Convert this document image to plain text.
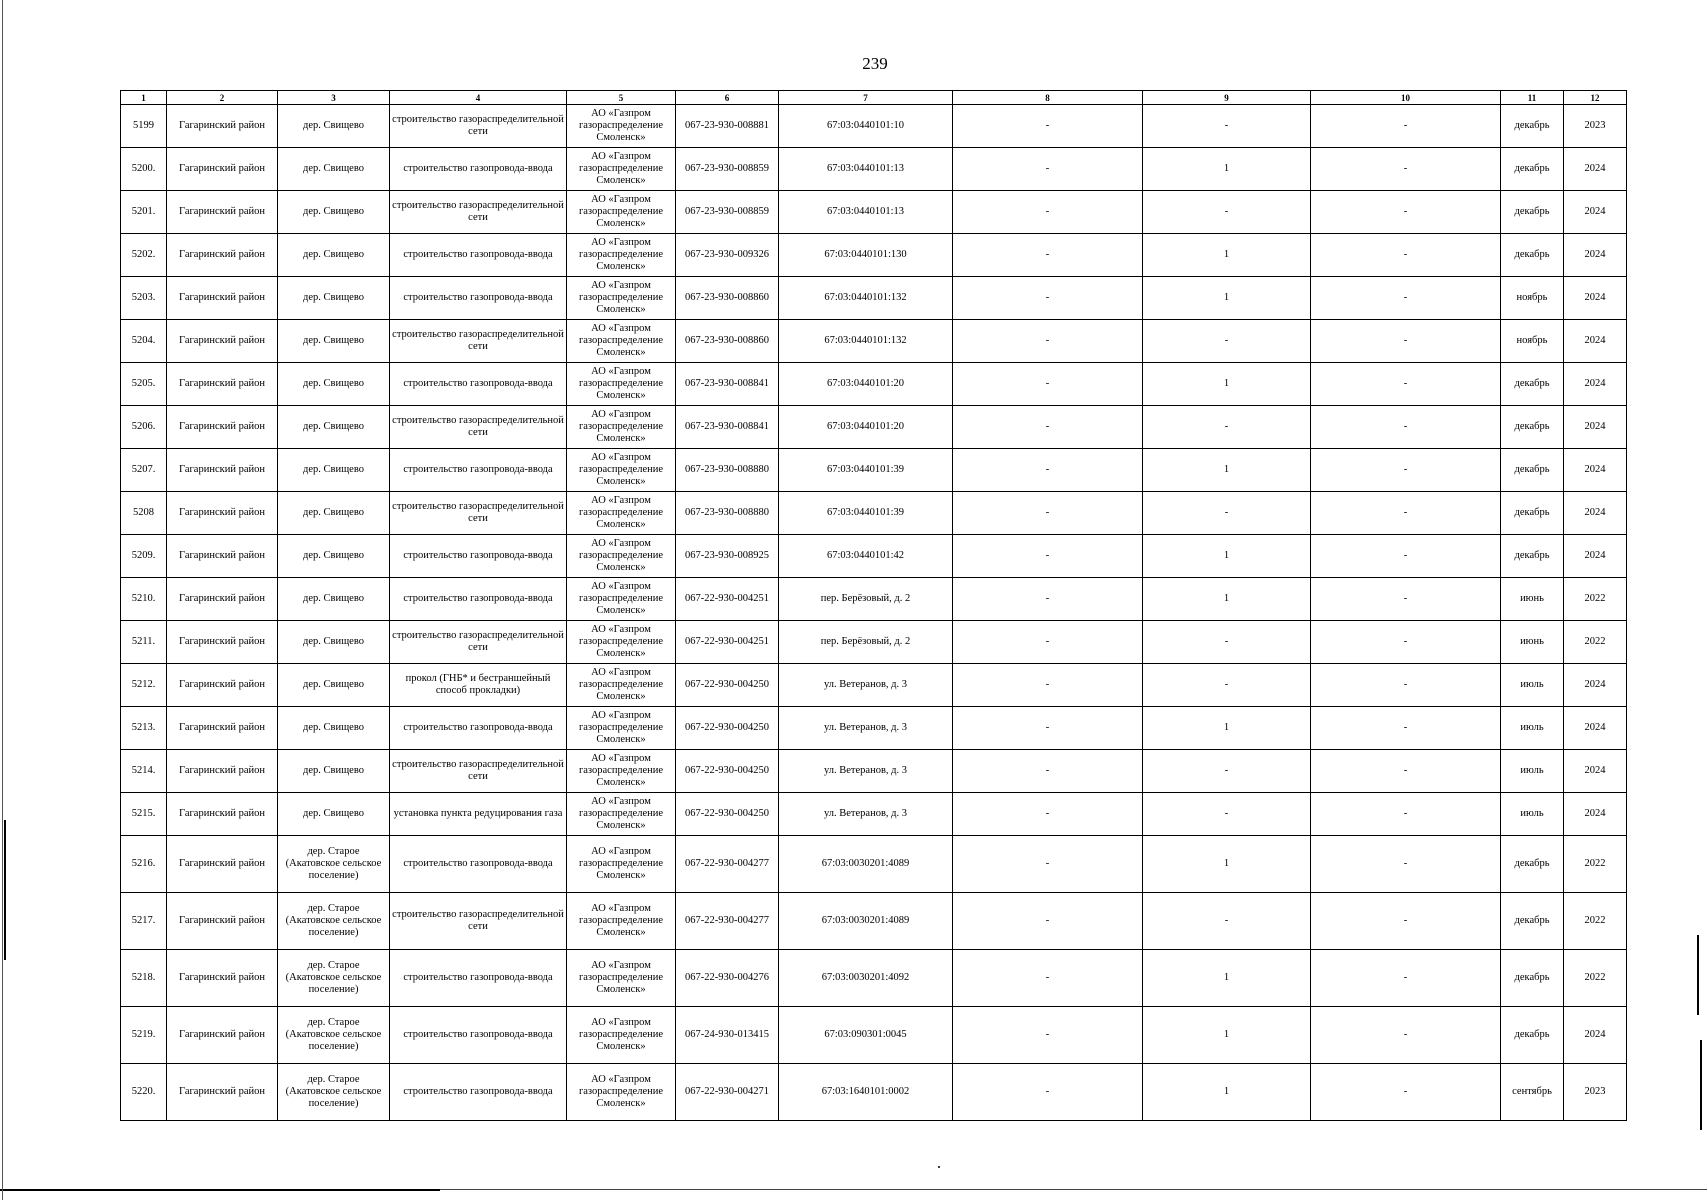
239
1	2	3	4	5	6	7	8	9	10	11	12
5199	Гагаринский район	дер. Свищево	строительство газораспределительной сети	АО «Газпром газораспределение Смоленск»	067-23-930-008881	67:03:0440101:10	-	-	-	декабрь	2023
5200.	Гагаринский район	дер. Свищево	строительство газопровода-ввода	АО «Газпром газораспределение Смоленск»	067-23-930-008859	67:03:0440101:13	-	1	-	декабрь	2024
5201.	Гагаринский район	дер. Свищево	строительство газораспределительной сети	АО «Газпром газораспределение Смоленск»	067-23-930-008859	67:03:0440101:13	-	-	-	декабрь	2024
5202.	Гагаринский район	дер. Свищево	строительство газопровода-ввода	АО «Газпром газораспределение Смоленск»	067-23-930-009326	67:03:0440101:130	-	1	-	декабрь	2024
5203.	Гагаринский район	дер. Свищево	строительство газопровода-ввода	АО «Газпром газораспределение Смоленск»	067-23-930-008860	67:03:0440101:132	-	1	-	ноябрь	2024
5204.	Гагаринский район	дер. Свищево	строительство газораспределительной сети	АО «Газпром газораспределение Смоленск»	067-23-930-008860	67:03:0440101:132	-	-	-	ноябрь	2024
5205.	Гагаринский район	дер. Свищево	строительство газопровода-ввода	АО «Газпром газораспределение Смоленск»	067-23-930-008841	67:03:0440101:20	-	1	-	декабрь	2024
5206.	Гагаринский район	дер. Свищево	строительство газораспределительной сети	АО «Газпром газораспределение Смоленск»	067-23-930-008841	67:03:0440101:20	-	-	-	декабрь	2024
5207.	Гагаринский район	дер. Свищево	строительство газопровода-ввода	АО «Газпром газораспределение Смоленск»	067-23-930-008880	67:03:0440101:39	-	1	-	декабрь	2024
5208	Гагаринский район	дер. Свищево	строительство газораспределительной сети	АО «Газпром газораспределение Смоленск»	067-23-930-008880	67:03:0440101:39	-	-	-	декабрь	2024
5209.	Гагаринский район	дер. Свищево	строительство газопровода-ввода	АО «Газпром газораспределение Смоленск»	067-23-930-008925	67:03:0440101:42	-	1	-	декабрь	2024
5210.	Гагаринский район	дер. Свищево	строительство газопровода-ввода	АО «Газпром газораспределение Смоленск»	067-22-930-004251	пер. Берёзовый, д. 2	-	1	-	июнь	2022
5211.	Гагаринский район	дер. Свищево	строительство газораспределительной сети	АО «Газпром газораспределение Смоленск»	067-22-930-004251	пер. Берёзовый, д. 2	-	-	-	июнь	2022
5212.	Гагаринский район	дер. Свищево	прокол (ГНБ* и бестраншейный способ прокладки)	АО «Газпром газораспределение Смоленск»	067-22-930-004250	ул. Ветеранов, д. 3	-	-	-	июль	2024
5213.	Гагаринский район	дер. Свищево	строительство газопровода-ввода	АО «Газпром газораспределение Смоленск»	067-22-930-004250	ул. Ветеранов, д. 3	-	1	-	июль	2024
5214.	Гагаринский район	дер. Свищево	строительство газораспределительной сети	АО «Газпром газораспределение Смоленск»	067-22-930-004250	ул. Ветеранов, д. 3	-	-	-	июль	2024
5215.	Гагаринский район	дер. Свищево	установка пункта редуцирования газа	АО «Газпром газораспределение Смоленск»	067-22-930-004250	ул. Ветеранов, д. 3	-	-	-	июль	2024
5216.	Гагаринский район	дер. Старое (Акатовское сельское поселение)	строительство газопровода-ввода	АО «Газпром газораспределение Смоленск»	067-22-930-004277	67:03:0030201:4089	-	1	-	декабрь	2022
5217.	Гагаринский район	дер. Старое (Акатовское сельское поселение)	строительство газораспределительной сети	АО «Газпром газораспределение Смоленск»	067-22-930-004277	67:03:0030201:4089	-	-	-	декабрь	2022
5218.	Гагаринский район	дер. Старое (Акатовское сельское поселение)	строительство газопровода-ввода	АО «Газпром газораспределение Смоленск»	067-22-930-004276	67:03:0030201:4092	-	1	-	декабрь	2022
5219.	Гагаринский район	дер. Старое (Акатовское сельское поселение)	строительство газопровода-ввода	АО «Газпром газораспределение Смоленск»	067-24-930-013415	67:03:090301:0045	-	1	-	декабрь	2024
5220.	Гагаринский район	дер. Старое (Акатовское сельское поселение)	строительство газопровода-ввода	АО «Газпром газораспределение Смоленск»	067-22-930-004271	67:03:1640101:0002	-	1	-	сентябрь	2023
